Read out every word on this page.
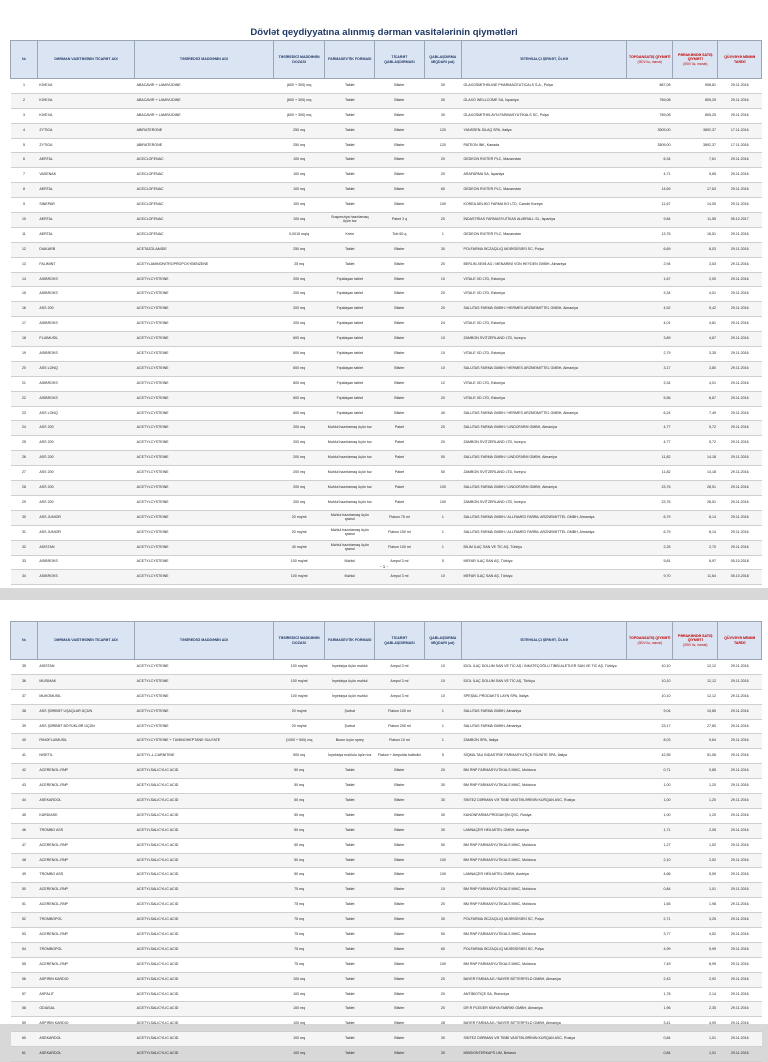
Dövlət qeydiyyatına alınmış dərman vasitələrinin qiymətləri
№	DƏRMAN VASİTƏSİNİN TİCARƏT ADI	TƏSİREDİCİ MADDƏNİN ADI	TƏSİREDİCİ MADDƏNİN DOZASI	FARMASEVTİK FORMASI	TİCARƏT QABLAŞDIRMASI	QABLAŞDIRMA MİQDARI (əd)	İSTEHSALÇI ŞİRKƏT, ÖLKƏ	TOPDANSATIŞ QİYMƏTİ
(ƏDV ilə, manat)	PƏRAKƏNDƏ SATIŞ QİYMƏTİ
(ƏDV ilə, manat)	QÜVVƏYƏ MİNMƏ TARİXİ
1	KIVEXA	ABACAVIR + LAMIVUDINE	(600 + 300) mq	Tablet	Blister	30	GLAXOSMITHKLINE PHARMACEUTICALS S.A., Polşa	867,05	908,81	29.11.2016
2	KIVEXA	ABACAVIR + LAMIVUDINE	(600 + 300) mq	Tablet	Blister	30	GLAXO WELLCOME SA, İspaniya	769,08	805,25	29.11.2016
3	KIVEXA	ABACAVIR + LAMIVUDINE	(600 + 300) mq	Tablet	Blister	30	GLAXOSMITHKLAYN FARMASYUTİKALS SC, Polşa	769,08	805,25	29.11.2016
4	ZYTIGA	ABIRATERONE	250 mq	Tablet	Blister	120	YANSSEN-SİLAQ SPA, İtaliya	3509,00	3892,37	17.11.2016
5	ZYTIGA	ABIRATERONE	250 mq	Tablet	Blister	120	PATEON İNK, Kanada	3509,00	3892,37	17.11.2016
6	AERTAL	ACECLOFENAC	100 mq	Tablet	Blister	20	GEDEON RIXTER PLC, Macarıstan	6,34	7,61	29.11.2016
7	VASENAK	ACECLOFENAC	100 mq	Tablet	Blister	20	ARAFARMA SA, İspaniya	4,71	5,65	29.11.2016
8	AERTAL	ACECLOFENAC	100 mq	Tablet	Blister	60	GEDEON RIXTER PLC, Macarıstan	14,69	17,63	29.11.2016
9	SINEPAR	ACECLOFENAC	100 mq	Tablet	Blister	100	KOREA ARLİKO FARMA KO LTD, Cənubi Koreya	11,67	14,00	29.11.2016
10	AERTAL	ACECLOFENAC	100 mq	Suspenziya hazırlamaq üçün toz	Paket 3 q	20	İNDASTRİAS FARMASYUTİKAS ALMİRALL SL, İspaniya	9,84	11,55	05.12.2017
11	AERTAL	ACECLOFENAC	0,0015 mq/q	Krem	Tub 60 q	1	GEDEON RIXTER PLC, Macarıstan	13,76	16,51	29.11.2016
12	DIAKARB	ACETAZOLAMIDE	250 mq	Tablet	Blister	30	POLFARMA ƏCZAÇILIQ MÜƏSSİSƏSİ SC, Polşa	6,69	8,03	29.11.2016
13	FALIMINT	ACETYLAMINONITROPROPOXYBENZENE	25 mq	Tablet	Blister	20	BERLIN-XEMİ AG / MENARİNİ VON HEYDEN GMBH, Almaniya	2,94	3,53	29.11.2016
14	ASIBROKS	ACETYLCYSTEINE	200 mq	Fışıldayan tablet	Blister	10	VITALE XD LTD, Estoniya	1,67	2,00	29.11.2016
15	ASIBROKS	ACETYLCYSTEINE	200 mq	Fışıldayan tablet	Blister	20	VITALE XD LTD, Estoniya	3,34	4,01	29.11.2016
16	ASS 200	ACETYLCYSTEINE	200 mq	Fışıldayan tablet	Blister	20	SALUTAS FARMA GMBH / HERMES ARZNEIMITTEL GMBH, Almaniya	4,52	5,42	29.11.2016
17	ASIBROKS	ACETYLCYSTEINE	200 mq	Fışıldayan tablet	Blister	24	VITALE XD LTD, Estoniya	4,01	4,81	29.11.2016
18	FLUIMUSIL	ACETYLCYSTEINE	600 mq	Fışıldayan tablet	Blister	10	ZAMBON SVİTZERLAND LTD, İsveçrə	3,89	4,67	29.11.2016
19	ASIBROKS	ACETYLCYSTEINE	600 mq	Fışıldayan tablet	Blister	10	VITALE XD LTD, Estoniya	2,79	3,35	29.11.2016
20	ASS LONQ	ACETYLCYSTEINE	600 mq	Fışıldayan tablet	Blister	10	SALUTAS FARMA GMBH / HERMES ARZNEIMITTEL GMBH, Almaniya	3,17	3,80	29.11.2016
21	ASIBROKS	ACETYLCYSTEINE	600 mq	Fışıldayan tablet	Blister	12	VITALE XD LTD, Estoniya	3,34	4,01	29.11.2016
22	ASIBROKS	ACETYLCYSTEINE	600 mq	Fışıldayan tablet	Blister	20	VITALE XD LTD, Estoniya	5,56	6,67	29.11.2016
23	ASS LONQ	ACETYLCYSTEINE	600 mq	Fışıldayan tablet	Blister	40	SALUTAS FARMA GMBH / HERMES ARZNEIMITTEL GMBH, Almaniya	6,24	7,49	29.11.2016
24	ASS 200	ACETYLCYSTEINE	200 mq	Məhlul hazırlamaq üçün toz	Paket	20	SALUTAS FARMA GMBH / LINDOFARM GMBH, Almaniya	4,77	5,72	29.11.2016
25	ASS 200	ACETYLCYSTEINE	200 mq	Məhlul hazırlamaq üçün toz	Paket	20	ZAMBON SVİTZERLAND LTD, İsveçrə	4,77	5,72	29.11.2016
26	ASS 200	ACETYLCYSTEINE	200 mq	Məhlul hazırlamaq üçün toz	Paket	50	SALUTAS FARMA GMBH / LINDOFARM GMBH, Almaniya	11,82	14,18	29.11.2016
27	ASS 200	ACETYLCYSTEINE	200 mq	Məhlul hazırlamaq üçün toz	Paket	50	ZAMBON SVİTZERLAND LTD, İsveçrə	11,82	14,18	29.11.2016
28	ASS 200	ACETYLCYSTEINE	200 mq	Məhlul hazırlamaq üçün toz	Paket	100	SALUTAS FARMA GMBH / LINDOFARM GMBH, Almaniya	23,76	28,51	29.11.2016
29	ASS 200	ACETYLCYSTEINE	200 mq	Məhlul hazırlamaq üçün toz	Paket	100	ZAMBON SVİTZERLAND LTD, İsveçrə	23,76	28,51	29.11.2016
30	ASS JUNIOR	ACETYLCYSTEINE	20 mq/ml	Məhlul hazırlamaq üçün qranul	Flakon 75 ml	1	SALUTAS FARMA GMBH / ALLFAMED FARBIL ARZNEIMITTEL GMBH, Almaniya	6,79	8,14	29.11.2016
31	ASS JUNIOR	ACETYLCYSTEINE	20 mq/ml	Məhlul hazırlamaq üçün qranul	Flakon 150 ml	1	SALUTAS FARMA GMBH / ALLFAMED FARBIL ARZNEIMITTEL GMBH, Almaniya	6,79	8,14	29.11.2016
32	ASISTAN	ACETYLCYSTEINE	40 mq/ml	Məhlul hazırlamaq üçün qranul	Flakon 100 ml	1	BİLİM İLAÇ SAN VE TİC AŞ, Türkiyə	2,25	2,70	29.11.2016
33	ASIBROKS	ACETYLCYSTEINE	100 mq/ml	Məhlul	Ampul 3 ml	5	MEFAR İLAÇ SAN AŞ, Türkiyə	5,81	6,97	05.10.2018
34	ASIBROKS	ACETYLCYSTEINE	100 mq/ml	Məhlul	Ampul 3 ml	10	MEFAR İLAÇ SAN AŞ, Türkiyə	9,70	11,64	05.10.2018
- 1 -
№	DƏRMAN VASİTƏSİNİN TİCARƏT ADI	TƏSİREDİCİ MADDƏNİN ADI	TƏSİREDİCİ MADDƏNİN DOZASI	FARMASEVTİK FORMASI	TİCARƏT QABLAŞDIRMASI	QABLAŞDIRMA MİQDARI (əd)	İSTEHSALÇI ŞİRKƏT, ÖLKƏ	TOPDANSATIŞ QİYMƏTİ
(ƏDV ilə, manat)	PƏRAKƏNDƏ SATIŞ QİYMƏTİ
(ƏDV ilə, manat)	QÜVVƏYƏ MİNMƏ TARİXİ
35	ASISTAN	ACETYLCYSTEINE	100 mq/ml	İnyeksiya üçün məhlul	Ampul 3 ml	10	İDOL İLAÇ DOLUM SAN VE TİC AŞ / İNKATEÇOĞLU TIBBİ ALETLER SAN VE TİC AŞ, Türkiyə	10,10	12,12	29.11.2016
36	MUSIMAK	ACETYLCYSTEINE	100 mq/ml	İnyeksiya üçün məhlul	Ampul 3 ml	10	İDOL İLAÇ DOLUM SAN VE TİC AŞ, Türkiyə	10,10	12,12	29.11.2016
37	MUKOMUSIL	ACETYLCYSTEINE	100 mq/ml	İnyeksiya üçün məhlul	Ampul 3 ml	10	SPEŞİAL PRODAKTS LAYN SPA, İtaliya	10,10	12,12	29.11.2016
38	ASS ŞƏRBƏT UŞAQLAR ÜÇÜN	ACETYLCYSTEINE	20 mq/ml	Şərbət	Flakon 100 ml	1	SALUTAS FARMA GMBH, Almaniya	9,04	10,85	29.11.2016
39	ASS ŞƏRBƏT BÖYÜKLƏR ÜÇÜN	ACETYLCYSTEINE	20 mq/ml	Şərbət	Flakon 200 ml	1	SALUTAS FARMA GMBH, Almaniya	23,17	27,80	29.11.2016
40	RINOFLUIMUSIL	ACETYLCYSTEINE + TUMINOHEPTANE SULFATE	(1000 + 500) mq	Burun üçün sprey	Flakon 10 ml	1	ZAMBON SPA, İtaliya	8,03	9,64	29.11.2016
41	NISETIL	ACETYL-L-CARNITINE	500 mq	İnyeksiya məhlulu üçün toz	Flakon + Ampulda həlledici	5	SİQMA-TAU İNDASTRİE FARMASYUTİÇE RİUNİTE SPA, İtaliya	42,55	51,06	29.11.2016
42	ACERENOL-RNP	ACETYLSALICYLIC ACID	50 mq	Tablet	Blister	20	BM RNP FARMASYUTİKALS MMC, Moldova	0,71	0,85	29.11.2016
43	ACERENOL-RNP	ACETYLSALICYLIC ACID	50 mq	Tablet	Blister	30	BM RNP FARMASYUTİKALS MMC, Moldova	1,00	1,20	29.11.2016
44	ASEKARDOL	ACETYLSALICYLIC ACID	50 mq	Tablet	Blister	30	SİNTEZ DƏRMAN VƏ TİBBİ VASİTƏLƏRİNİN KURQAN ASC, Rusiya	1,00	1,20	29.11.2016
45	KARDIASK	ACETYLSALICYLIC ACID	50 mq	Tablet	Blister	30	KANONFARMA PRODAKŞN QSC, Rusiya	1,00	1,20	29.11.2016
46	TROMBO ASS	ACETYLSALICYLIC ACID	50 mq	Tablet	Blister	30	LANNAÇER HEİLMİTEL GMBH, Avstriya	1,71	2,05	29.11.2016
47	ACERENOL-RNP	ACETYLSALICYLIC ACID	50 mq	Tablet	Blister	50	BM RNP FARMASYUTİKALS MMC, Moldova	1,27	1,52	29.11.2016
48	ACERENOL-RNP	ACETYLSALICYLIC ACID	50 mq	Tablet	Blister	100	BM RNP FARMASYUTİKALS MMC, Moldova	2,10	2,52	29.11.2016
49	TROMBO ASS	ACETYLSALICYLIC ACID	50 mq	Tablet	Blister	100	LANNAÇER HEİLMİTEL GMBH, Avstriya	4,66	5,59	29.11.2016
50	ACERENOL-RNP	ACETYLSALICYLIC ACID	75 mq	Tablet	Blister	10	BM RNP FARMASYUTİKALS MMC, Moldova	0,84	1,01	29.11.2016
51	ACERENOL-RNP	ACETYLSALICYLIC ACID	75 mq	Tablet	Blister	20	BM RNP FARMASYUTİKALS MMC, Moldova	1,65	1,98	29.11.2016
52	TROMBOPOL	ACETYLSALICYLIC ACID	75 mq	Tablet	Blister	30	POLFARMA ƏCZAÇILIQ MÜƏSSİSƏSİ SC, Polşa	2,71	3,25	29.11.2016
53	ACERENOL-RNP	ACETYLSALICYLIC ACID	75 mq	Tablet	Blister	50	BM RNP FARMASYUTİKALS MMC, Moldova	3,77	4,52	29.11.2016
54	TROMBOPOL	ACETYLSALICYLIC ACID	75 mq	Tablet	Blister	60	POLFARMA ƏCZAÇILIQ MÜƏSSİSƏSİ SC, Polşa	4,99	5,99	29.11.2016
55	ACERENOL-RNP	ACETYLSALICYLIC ACID	75 mq	Tablet	Blister	100	BM RNP FARMASYUTİKALS MMC, Moldova	7,49	8,99	29.11.2016
56	ASPIRIN KARDIO	ACETYLSALICYLIC ACID	100 mq	Tablet	Blister	20	BAYER FARMA AG / BAYER BİTTERFELD GMBH, Almaniya	2,43	2,92	29.11.2016
57	ASPALIT	ACETYLSALICYLIC ACID	100 mq	Tablet	Blister	20	ANTİBİOTİÇE SA, Rumıniya	1,78	2,14	29.11.2016
58	ODIASAL	ACETYLSALICYLIC ACID	100 mq	Tablet	Blister	20	DR R PLEGER KİMYA FABRİKİ GMBH, Almaniya	1,96	2,35	29.11.2016
59	ASPIRIN KARDIO	ACETYLSALICYLIC ACID	100 mq	Tablet	Blister	28	BAYER FARMA AG / BAYER BİTTERFELD GMBH, Almaniya	3,41	4,09	29.11.2016
60	ASEKARDOL	ACETYLSALICYLIC ACID	100 mq	Tablet	Blister	30	SİNTEZ DƏRMAN VƏ TİBBİ VASİTƏLƏRİNİN KURQAN ASC, Rusiya	0,84	1,01	29.11.2016
61	ASEKARDOL	ACETYLSALICYLIC ACID	100 mq	Tablet	Blister	30	MİNSKİNTERKAPS UM, Belarus	0,84	1,01	29.11.2016
